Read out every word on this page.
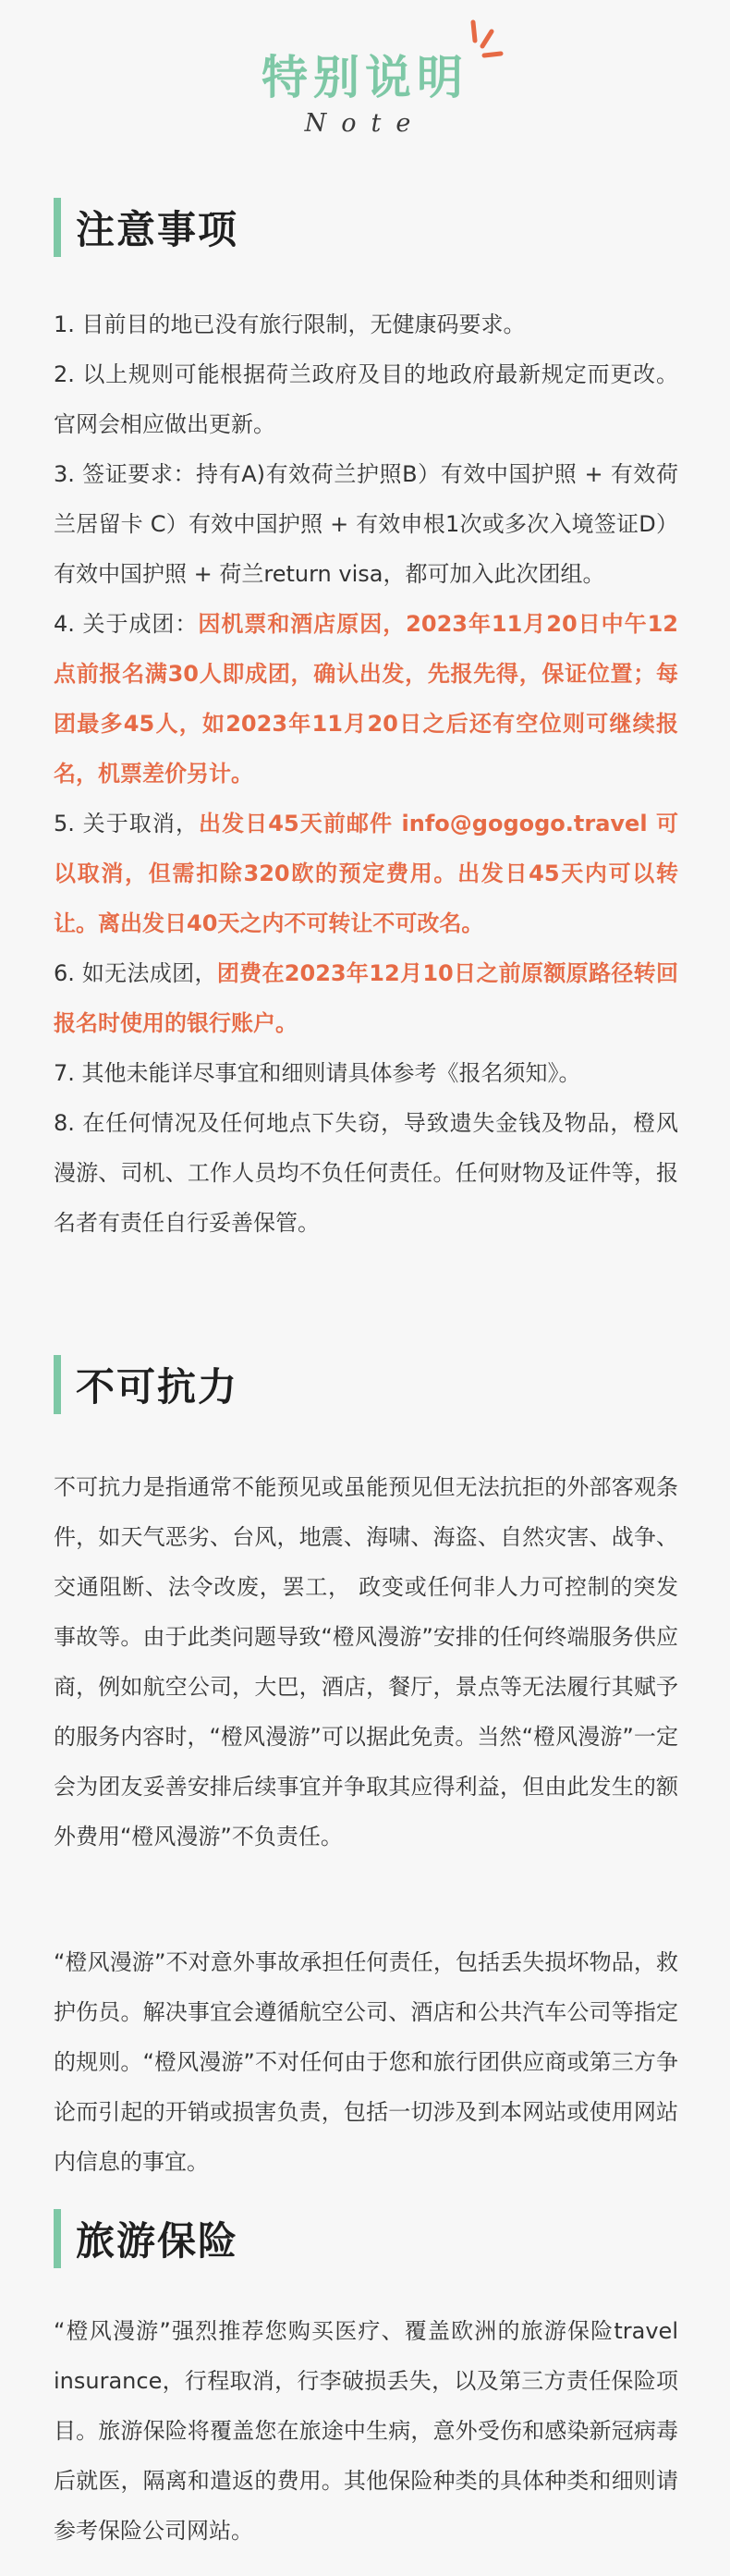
特别说明
Note
注意事项

1. 目前目的地已没有旅行限制，无健康码要求。

2. 以上规则可能根据荷兰政府及目的地政府最新规定而更改。官网会相应做出更新。

3. 签证要求：持有A)有效荷兰护照B）有效中国护照 + 有效荷兰居留卡 C）有效中国护照 + 有效申根1次或多次入境签证D）有效中国护照 + 荷兰return visa，都可加入此次团组。

4. 关于成团：因机票和酒店原因，2023年11月20日中午12点前报名满30人即成团，确认出发，先报先得，保证位置；每团最多45人，如2023年11月20日之后还有空位则可继续报名，机票差价另计。

5. 关于取消，出发日45天前邮件 info@gogogo.travel 可以取消，但需扣除320欧的预定费用。出发日45天内可以转让。离出发日40天之内不可转让不可改名。

6. 如无法成团，团费在2023年12月10日之前原额原路径转回报名时使用的银行账户。

7. 其他未能详尽事宜和细则请具体参考《报名须知》。

8. 在任何情况及任何地点下失窃，导致遗失金钱及物品，橙风漫游、司机、工作人员均不负任何责任。任何财物及证件等，报名者有责任自行妥善保管。

不可抗力

不可抗力是指通常不能预见或虽能预见但无法抗拒的外部客观条件，如天气恶劣、台风，地震、海啸、海盗、自然灾害、战争、交通阻断、法令改废，罢工， 政变或任何非人力可控制的突发事故等。由于此类问题导致“橙风漫游”安排的任何终端服务供应商，例如航空公司，大巴，酒店，餐厅，景点等无法履行其赋予的服务内容时，“橙风漫游”可以据此免责。当然“橙风漫游”一定会为团友妥善安排后续事宜并争取其应得利益，但由此发生的额外费用“橙风漫游”不负责任。

“橙风漫游”不对意外事故承担任何责任，包括丢失损坏物品，救护伤员。解决事宜会遵循航空公司、酒店和公共汽车公司等指定的规则。“橙风漫游”不对任何由于您和旅行团供应商或第三方争论而引起的开销或损害负责，包括一切涉及到本网站或使用网站内信息的事宜。

旅游保险

“橙风漫游”强烈推荐您购买医疗、覆盖欧洲的旅游保险travel insurance，行程取消，行李破损丢失，以及第三方责任保险项目。旅游保险将覆盖您在旅途中生病，意外受伤和感染新冠病毒后就医，隔离和遣返的费用。其他保险种类的具体种类和细则请参考保险公司网站。
